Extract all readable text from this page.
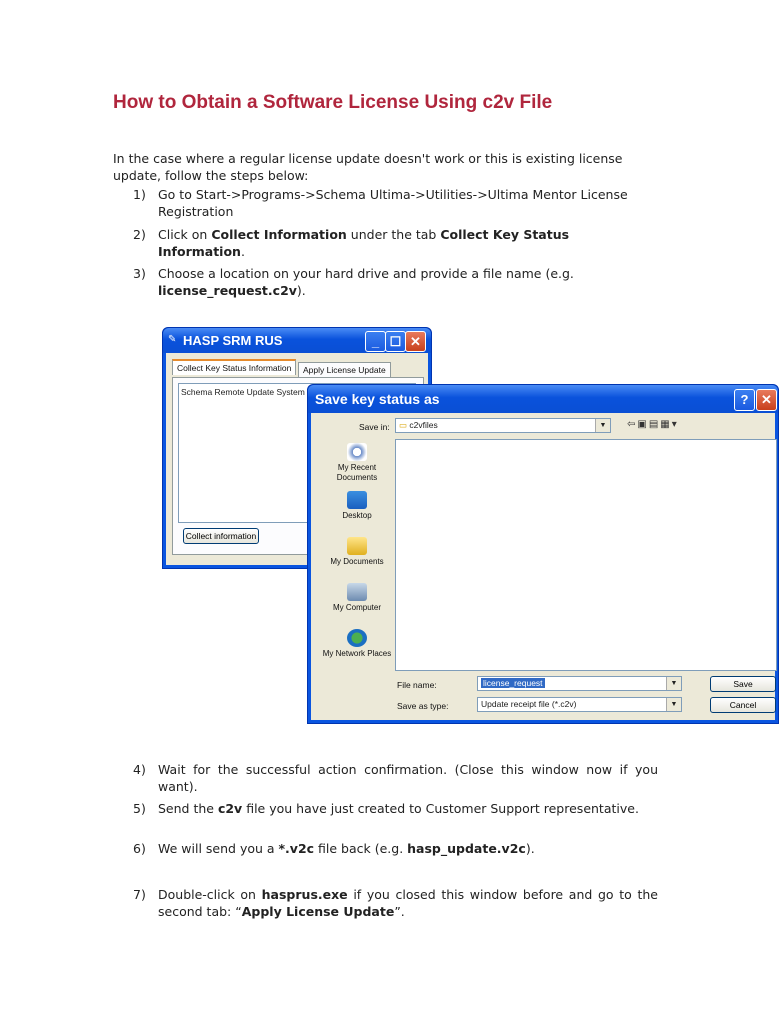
How to Obtain a Software License Using c2v File
In the case where a regular license update doesn't work or this is existing license update, follow the steps below:
1) Go to Start->Programs->Schema Ultima->Utilities->Ultima Mentor License Registration
2) Click on Collect Information under the tab Collect Key Status Information.
3) Choose a location on your hard drive and provide a file name (e.g. license_request.c2v).
✎ HASP SRM RUS	_ ☐ ✕
Collect Key Status Information	Apply License Update
Schema Remote Update System
Collect information
Save key status as	? ✕
Save in:	▭ c2vfiles	▼	⇦▣▤▦▾
My Recent Documents
Desktop
My Documents
My Computer
My Network Places
File name:	license_request	▼	Save
Save as type:	Update receipt file (*.c2v)	▼	Cancel
4) Wait for the successful action confirmation. (Close this window now if you want).
5) Send the c2v file you have just created to Customer Support representative.
6) We will send you a *.v2c file back (e.g. hasp_update.v2c).
7) Double-click on hasprus.exe if you closed this window before and go to the second tab: “Apply License Update”.
